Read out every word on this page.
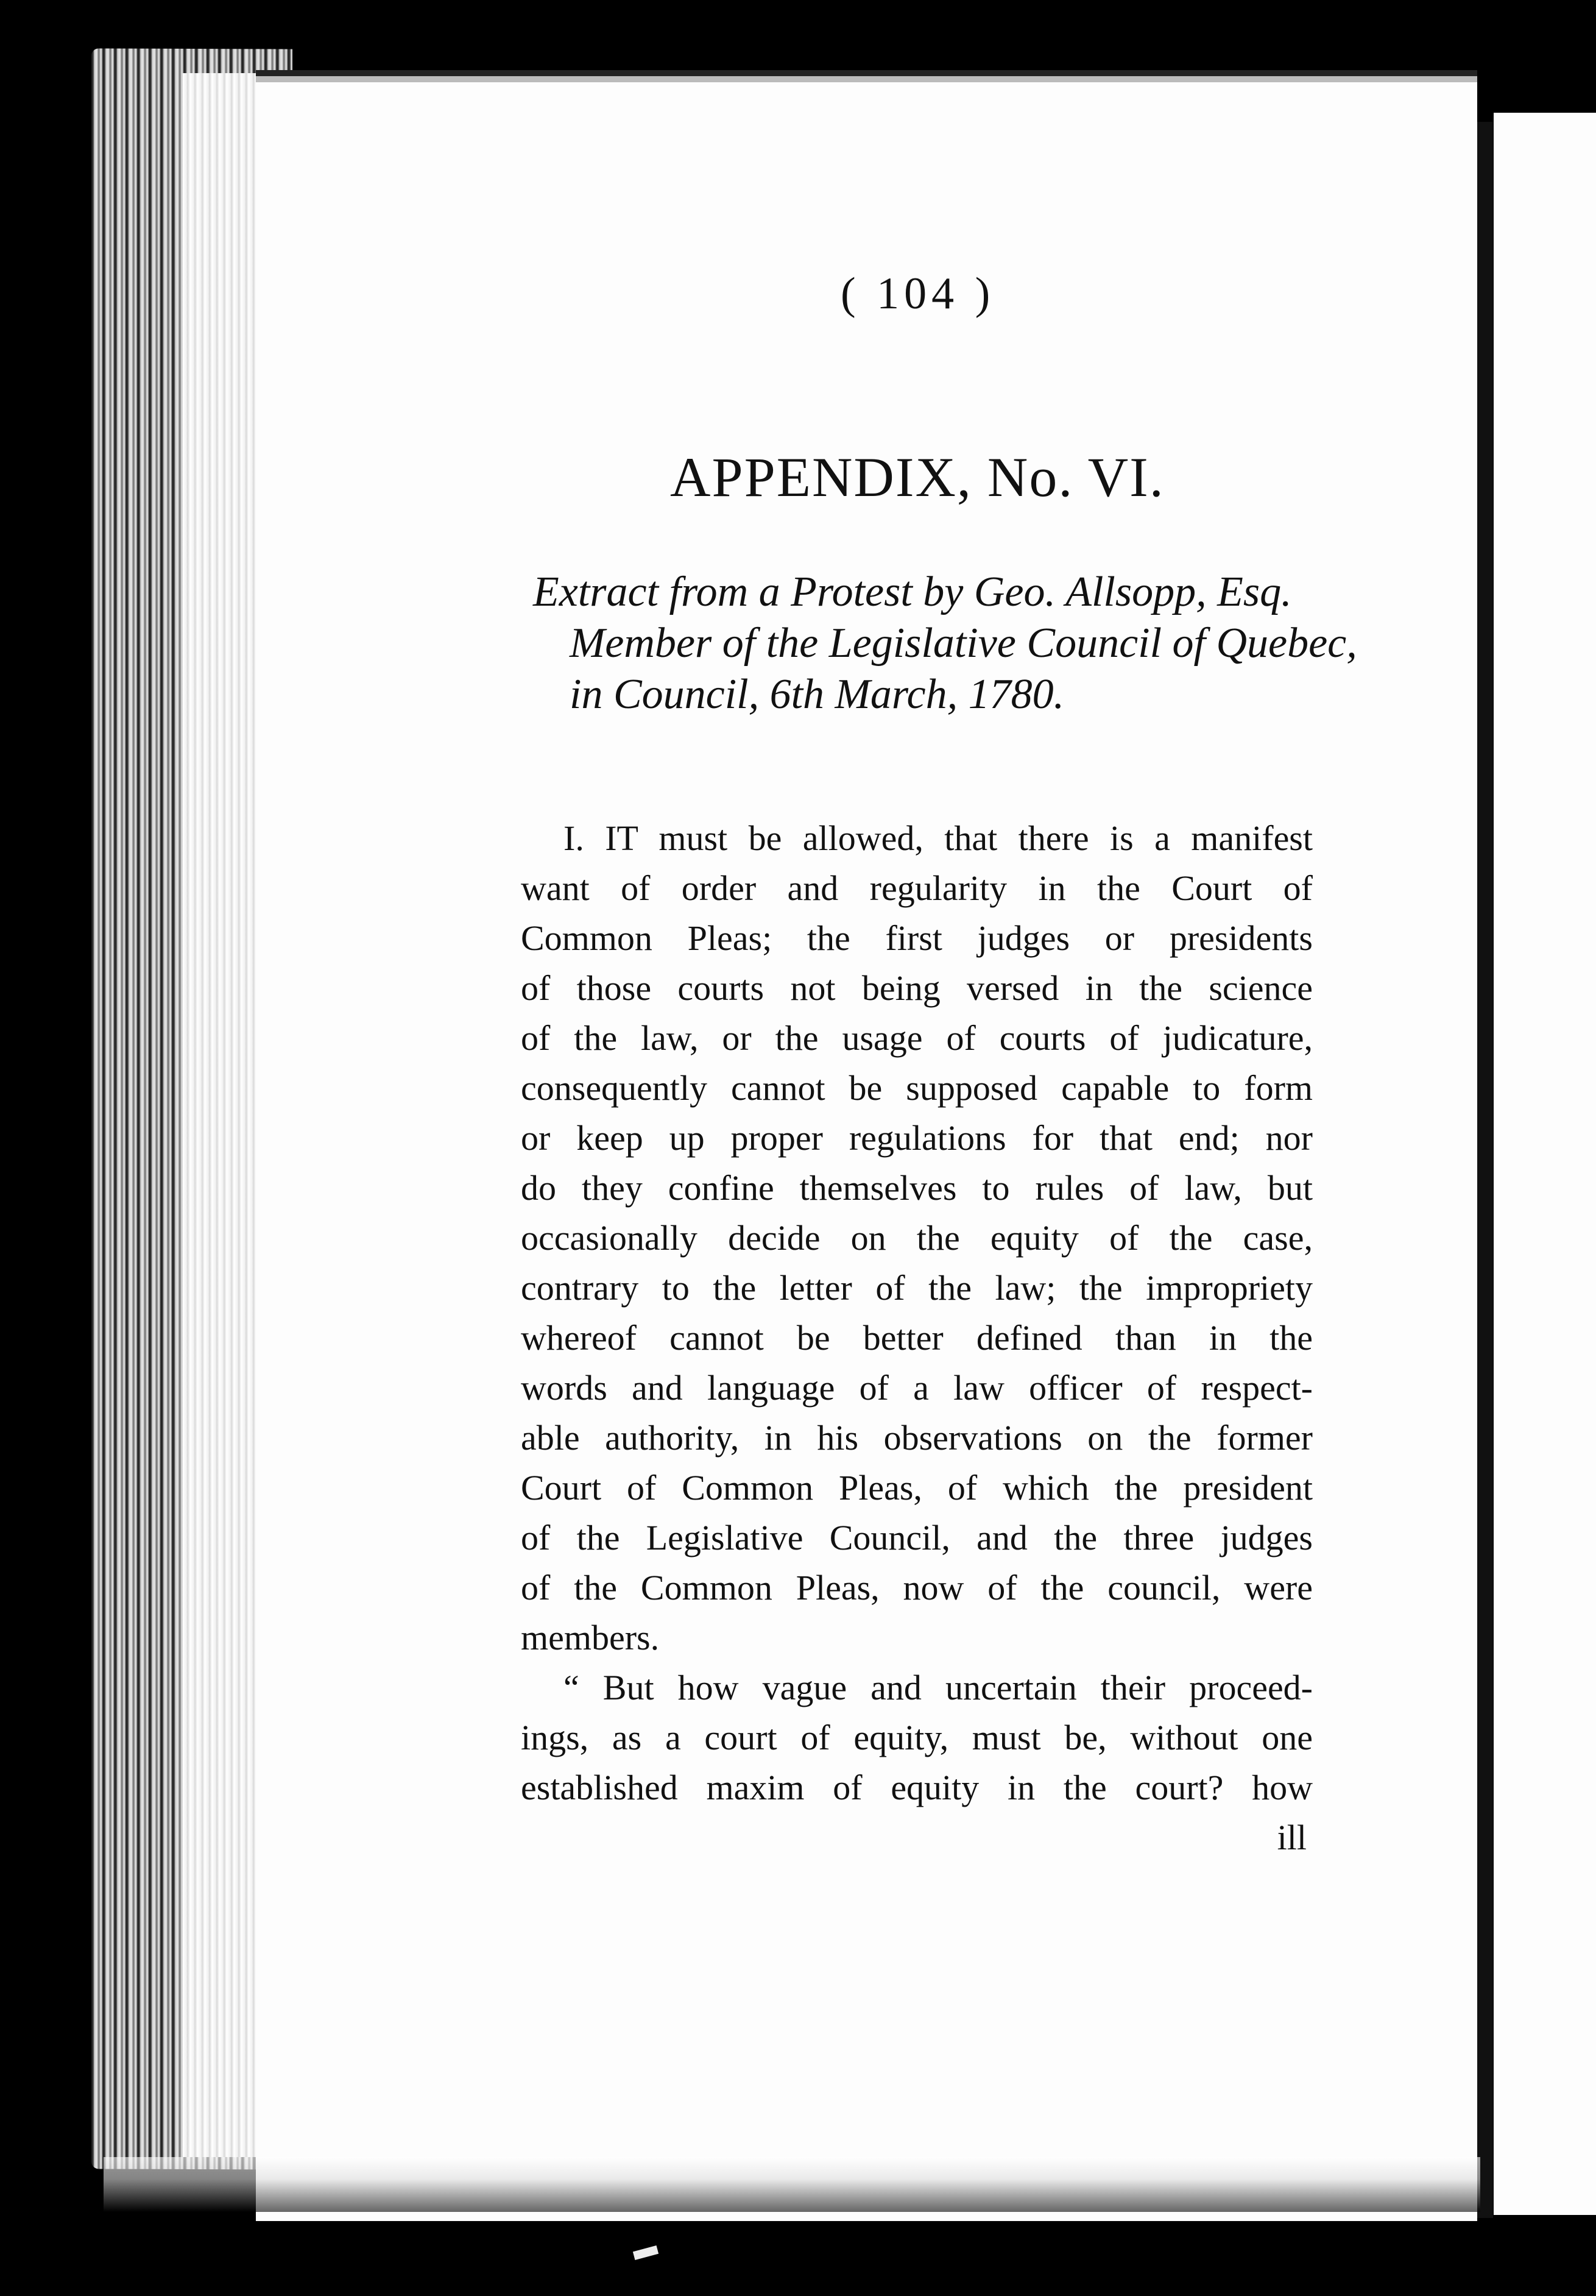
( 104 )
APPENDIX, No. VI.
Extract from a Protest by Geo. Allsopp, Esq.
Member of the Legislative Council of Quebec,
in Council, 6th March, 1780.
I. IT must be allowed, that there is a manifest
want of order and regularity in the Court of
Common Pleas; the first judges or presidents
of those courts not being versed in the science
of the law, or the usage of courts of judicature,
consequently cannot be supposed capable to form
or keep up proper regulations for that end; nor
do they confine themselves to rules of law, but
occasionally decide on the equity of the case,
contrary to the letter of the law; the impropriety
whereof cannot be better defined than in the
words and language of a law officer of respect-
able authority, in his observations on the former
Court of Common Pleas, of which the president
of the Legislative Council, and the three judges
of the Common Pleas, now of the council, were
members.
“ But how vague and uncertain their proceed-
ings, as a court of equity, must be, without one
established maxim of equity in the court? how
ill
